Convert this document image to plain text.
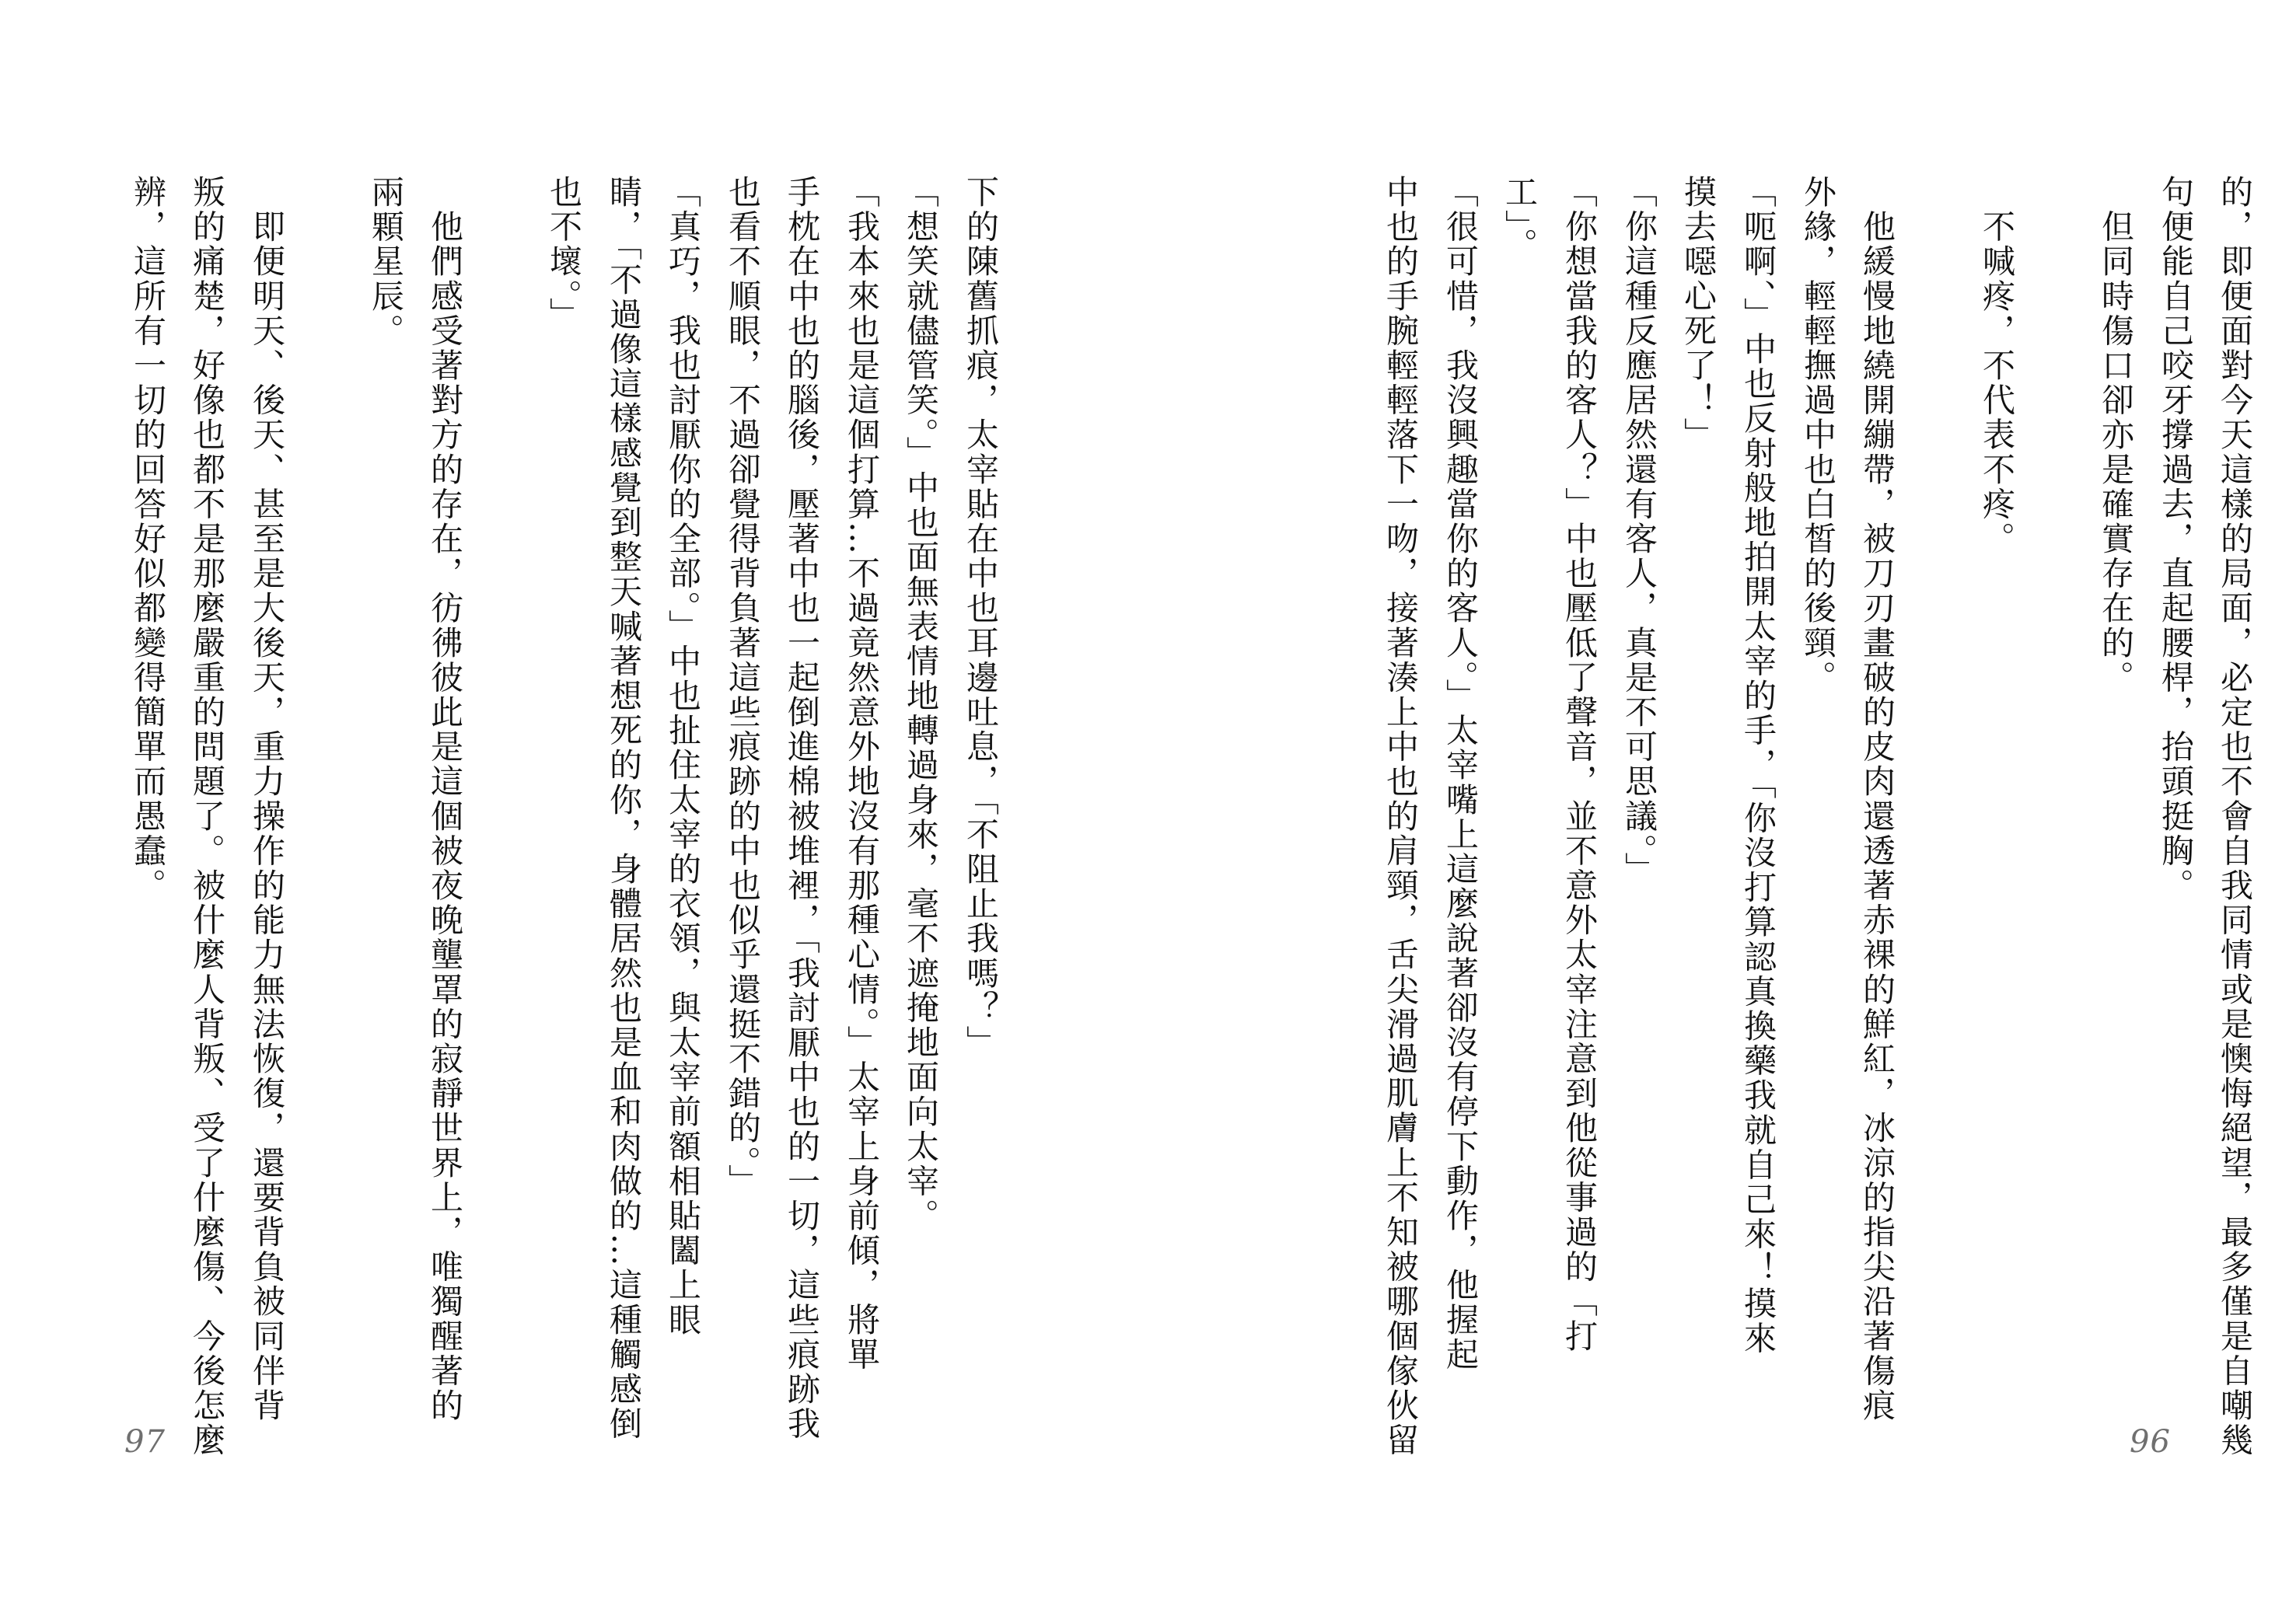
的，即便面對今天這樣的局面，必定也不會自我同情或是懊悔絕望，最多僅是自嘲幾
句便能自己咬牙撐過去，直起腰桿，抬頭挺胸。
　但同時傷口卻亦是確實存在的。
　不喊疼，不代表不疼。
　他緩慢地繞開繃帶，被刀刃畫破的皮肉還透著赤裸的鮮紅，冰涼的指尖沿著傷痕
外緣，輕輕撫過中也白皙的後頸。
「呃啊、」中也反射般地拍開太宰的手，「你沒打算認真換藥我就自己來！摸來
摸去噁心死了！」
「你這種反應居然還有客人，真是不可思議。」
「你想當我的客人？」中也壓低了聲音，並不意外太宰注意到他從事過的「打
工」。
「很可惜，我沒興趣當你的客人。」太宰嘴上這麼說著卻沒有停下動作，他握起
中也的手腕輕輕落下一吻，接著湊上中也的肩頸，舌尖滑過肌膚上不知被哪個傢伙留	96
下的陳舊抓痕，太宰貼在中也耳邊吐息，「不阻止我嗎？」
「想笑就儘管笑。」中也面無表情地轉過身來，毫不遮掩地面向太宰。
「我本來也是這個打算…不過竟然意外地沒有那種心情。」太宰上身前傾，將單
手枕在中也的腦後，壓著中也一起倒進棉被堆裡，「我討厭中也的一切，這些痕跡我
也看不順眼，不過卻覺得背負著這些痕跡的中也似乎還挺不錯的。」
「真巧，我也討厭你的全部。」中也扯住太宰的衣領，與太宰前額相貼闔上眼
睛，「不過像這樣感覺到整天喊著想死的你，身體居然也是血和肉做的…這種觸感倒
也不壞。」
　他們感受著對方的存在，彷彿彼此是這個被夜晚壟罩的寂靜世界上，唯獨醒著的
兩顆星辰。
　即便明天、後天、甚至是大後天，重力操作的能力無法恢復，還要背負被同伴背
叛的痛楚，好像也都不是那麼嚴重的問題了。被什麼人背叛、受了什麼傷、今後怎麼
辨，這所有一切的回答好似都變得簡單而愚蠢。
97
